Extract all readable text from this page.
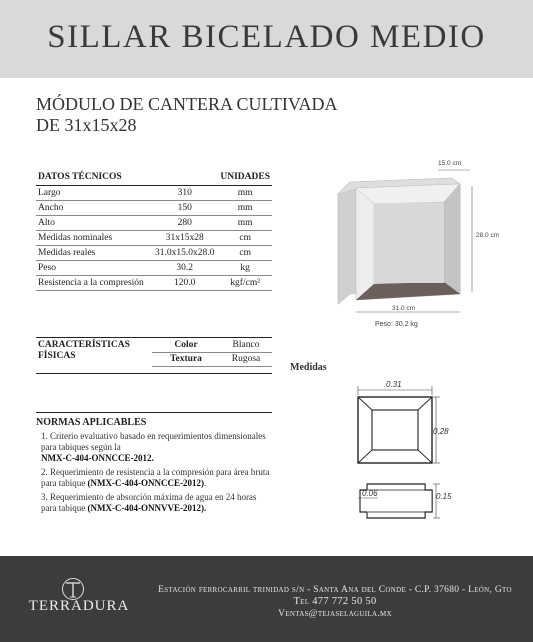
SILLAR BICELADO MEDIO
MÓDULO DE CANTERA CULTIVADA
DE 31x15x28
DATOS TÉCNICOS		UNIDADES
Largo	310	mm
Ancho	150	mm
Alto	280	mm
Medidas nominales	31x15x28	cm
Medidas reales	31.0x15.0x28.0	cm
Peso	30.2	kg
Resistencia a la compresión	120.0	kgf/cm²
15.0 cm
28.0 cm
31.0 cm
Peso: 30.2 kg
CARACTERÍSTICAS
FÍSICAS	Color	Blanco
	Textura	Rugosa
NORMAS APLICABLES

1. Criterio evaluativo basado en requerimientos dimensionales para tabiques según la
NMX-C-404-ONNCCE-2012.

2. Requerimiento de resistencia a la compresión para área bruta para tabique (NMX-C-404-ONNCCE-2012).

3. Requerimiento de absorción máxima de agua en 24 horas para tabique (NMX-C-404-ONNVVE-2012).

Medidas
0.31
0.28
0.06	0.15
TERRADURA
Estación ferrocarril trinidad s/n - Santa Ana del Conde - C.P. 37680 - León, Gto
Tel 477 772 50 50
Ventas@tejaselaguila.mx
